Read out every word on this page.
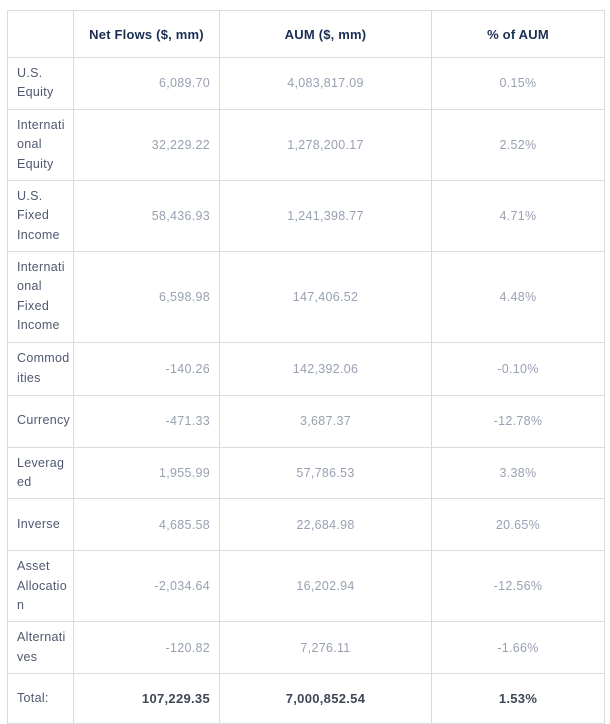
	Net Flows ($, mm)	AUM ($, mm)	% of AUM
U.S. Equity	6,089.70	4,083,817.09	0.15%
International Equity	32,229.22	1,278,200.17	2.52%
U.S. Fixed Income	58,436.93	1,241,398.77	4.71%
International Fixed Income	6,598.98	147,406.52	4.48%
Commodities	-140.26	142,392.06	-0.10%
Currency	-471.33	3,687.37	-12.78%
Leveraged	1,955.99	57,786.53	3.38%
Inverse	4,685.58	22,684.98	20.65%
Asset Allocation	-2,034.64	16,202.94	-12.56%
Alternatives	-120.82	7,276.11	-1.66%
Total:	107,229.35	7,000,852.54	1.53%
